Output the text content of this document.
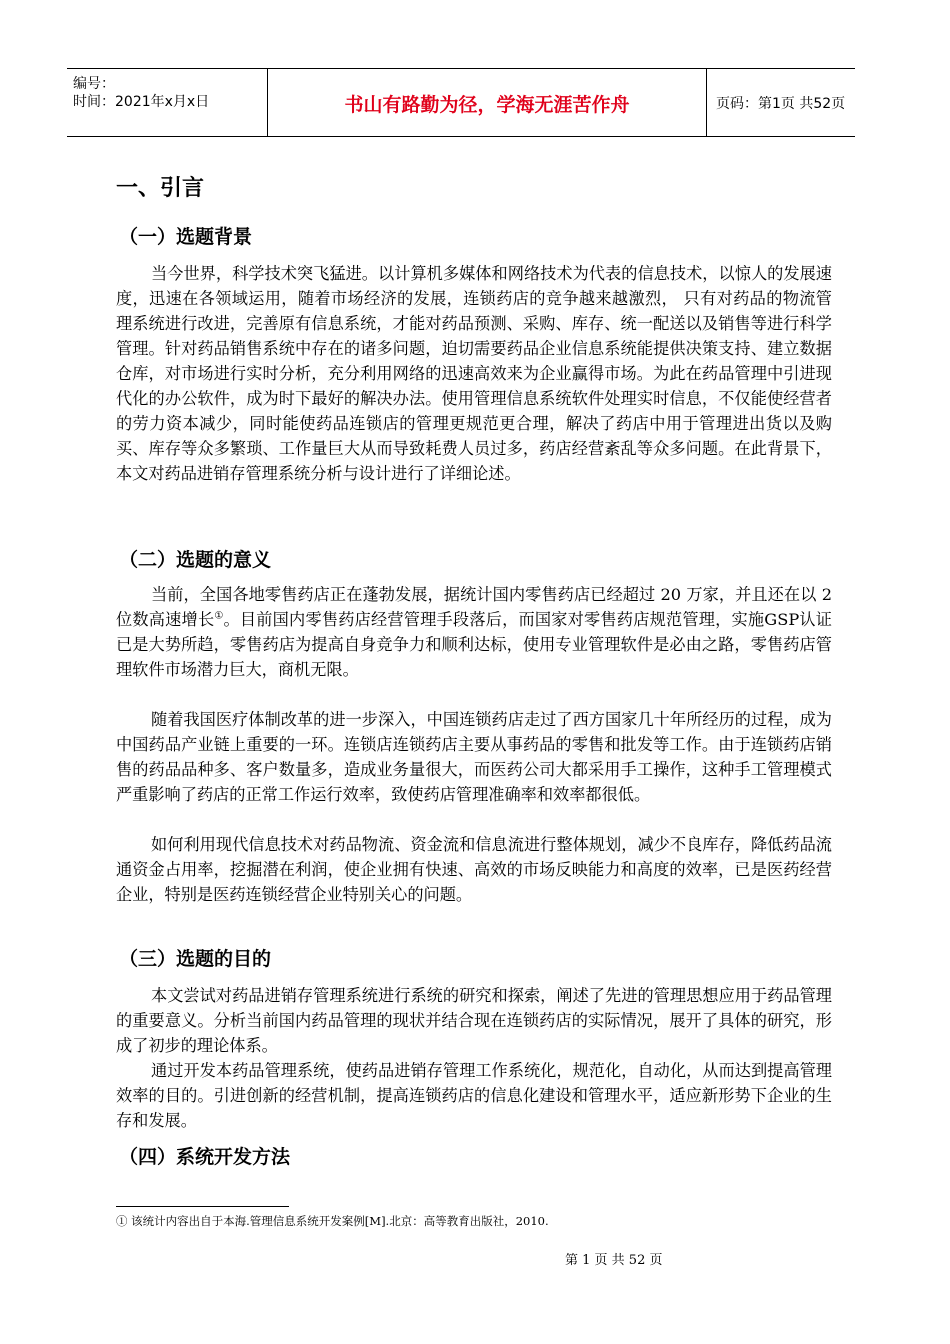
编号：
时间：2021年x月x日	书山有路勤为径，学海无涯苦作舟	页码：第1页 共52页
一、引言
（一）选题背景

当今世界，科学技术突飞猛进。以计算机多媒体和网络技术为代表的信息技术，以惊人的发展速度，迅速在各领域运用，随着市场经济的发展，连锁药店的竞争越来越激烈， 只有对药品的物流管理系统进行改进，完善原有信息系统，才能对药品预测、采购、库存、统一配送以及销售等进行科学管理。针对药品销售系统中存在的诸多问题，迫切需要药品企业信息系统能提供决策支持、建立数据仓库，对市场进行实时分析，充分利用网络的迅速高效来为企业赢得市场。为此在药品管理中引进现代化的办公软件，成为时下最好的解决办法。使用管理信息系统软件处理实时信息，不仅能使经营者的劳力资本减少，同时能使药品连锁店的管理更规范更合理，解决了药店中用于管理进出货以及购买、库存等众多繁琐、工作量巨大从而导致耗费人员过多，药店经营紊乱等众多问题。在此背景下，本文对药品进销存管理系统分析与设计进行了详细论述。

（二）选题的意义

当前，全国各地零售药店正在蓬勃发展，据统计国内零售药店已经超过 20 万家，并且还在以 2 位数高速增长①。目前国内零售药店经营管理手段落后，而国家对零售药店规范管理，实施GSP认证已是大势所趋，零售药店为提高自身竞争力和顺利达标，使用专业管理软件是必由之路，零售药店管理软件市场潜力巨大，商机无限。

随着我国医疗体制改革的进一步深入，中国连锁药店走过了西方国家几十年所经历的过程，成为中国药品产业链上重要的一环。连锁店连锁药店主要从事药品的零售和批发等工作。由于连锁药店销售的药品品种多、客户数量多，造成业务量很大，而医药公司大都采用手工操作，这种手工管理模式严重影响了药店的正常工作运行效率，致使药店管理准确率和效率都很低。

如何利用现代信息技术对药品物流、资金流和信息流进行整体规划，减少不良库存，降低药品流通资金占用率，挖掘潜在利润，使企业拥有快速、高效的市场反映能力和高度的效率，已是医药经营企业，特别是医药连锁经营企业特别关心的问题。

（三）选题的目的

本文尝试对药品进销存管理系统进行系统的研究和探索，阐述了先进的管理思想应用于药品管理的重要意义。分析当前国内药品管理的现状并结合现在连锁药店的实际情况，展开了具体的研究，形成了初步的理论体系。

通过开发本药品管理系统，使药品进销存管理工作系统化，规范化，自动化，从而达到提高管理效率的目的。引进创新的经营机制，提高连锁药店的信息化建设和管理水平，适应新形势下企业的生存和发展。

（四）系统开发方法
① 该统计内容出自于本海.管理信息系统开发案例[M].北京：高等教育出版社，2010.
第 1 页 共 52 页
